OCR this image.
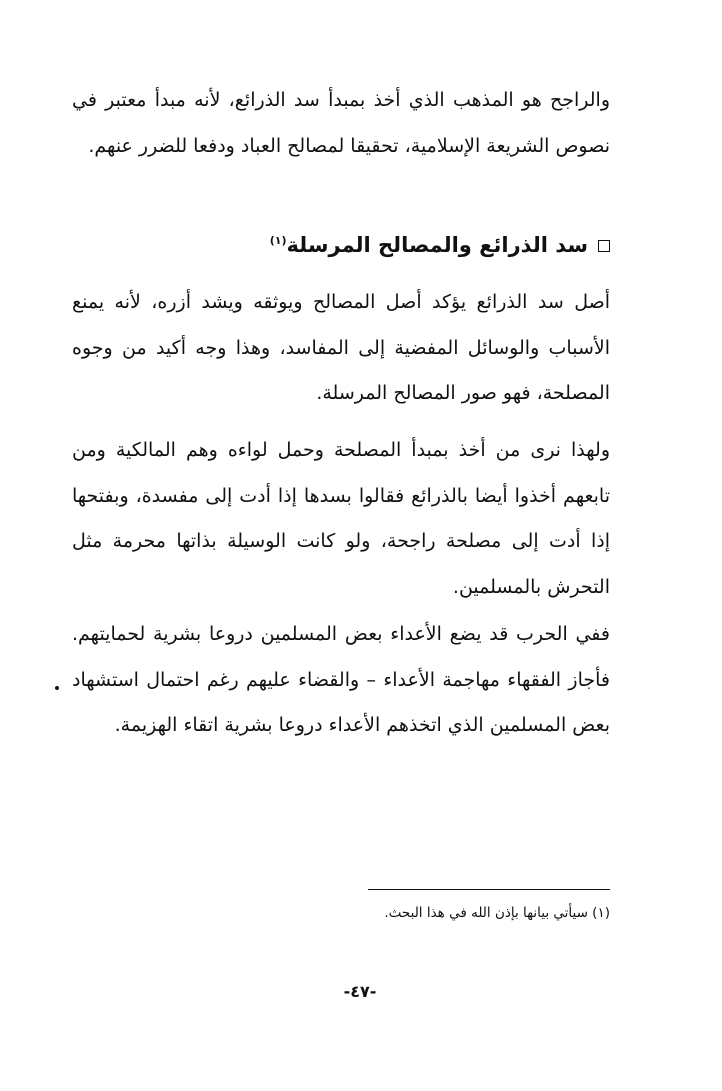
والراجح هو المذهب الذي أخذ بمبدأ سد الذرائع، لأنه مبدأ معتبر في نصوص الشريعة الإسلامية، تحقيقا لمصالح العباد ودفعا للضرر عنهم.

سد الذرائع والمصالح المرسلة$^{(١)}$

أصل سد الذرائع يؤكد أصل المصالح ويوثقه ويشد أزره، لأنه يمنع الأسباب والوسائل المفضية إلى المفاسد، وهذا وجه أكيد من وجوه المصلحة، فهو صور المصالح المرسلة.

ولهذا نرى من أخذ بمبدأ المصلحة وحمل لواءه وهم المالكية ومن تابعهم أخذوا أيضا بالذرائع فقالوا بسدها إذا أدت إلى مفسدة، وبفتحها إذا أدت إلى مصلحة راجحة، ولو كانت الوسيلة بذاتها محرمة مثل التحرش بالمسلمين.

ففي الحرب قد يضع الأعداء بعض المسلمين دروعا بشرية لحمايتهم. فأجاز الفقهاء مهاجمة الأعداء – والقضاء عليهم رغم احتمال استشهاد بعض المسلمين الذي اتخذهم الأعداء دروعا بشرية اتقاء الهزيمة.

(١) سيأتي بيانها بإذن الله في هذا البحث.

-٤٧-
